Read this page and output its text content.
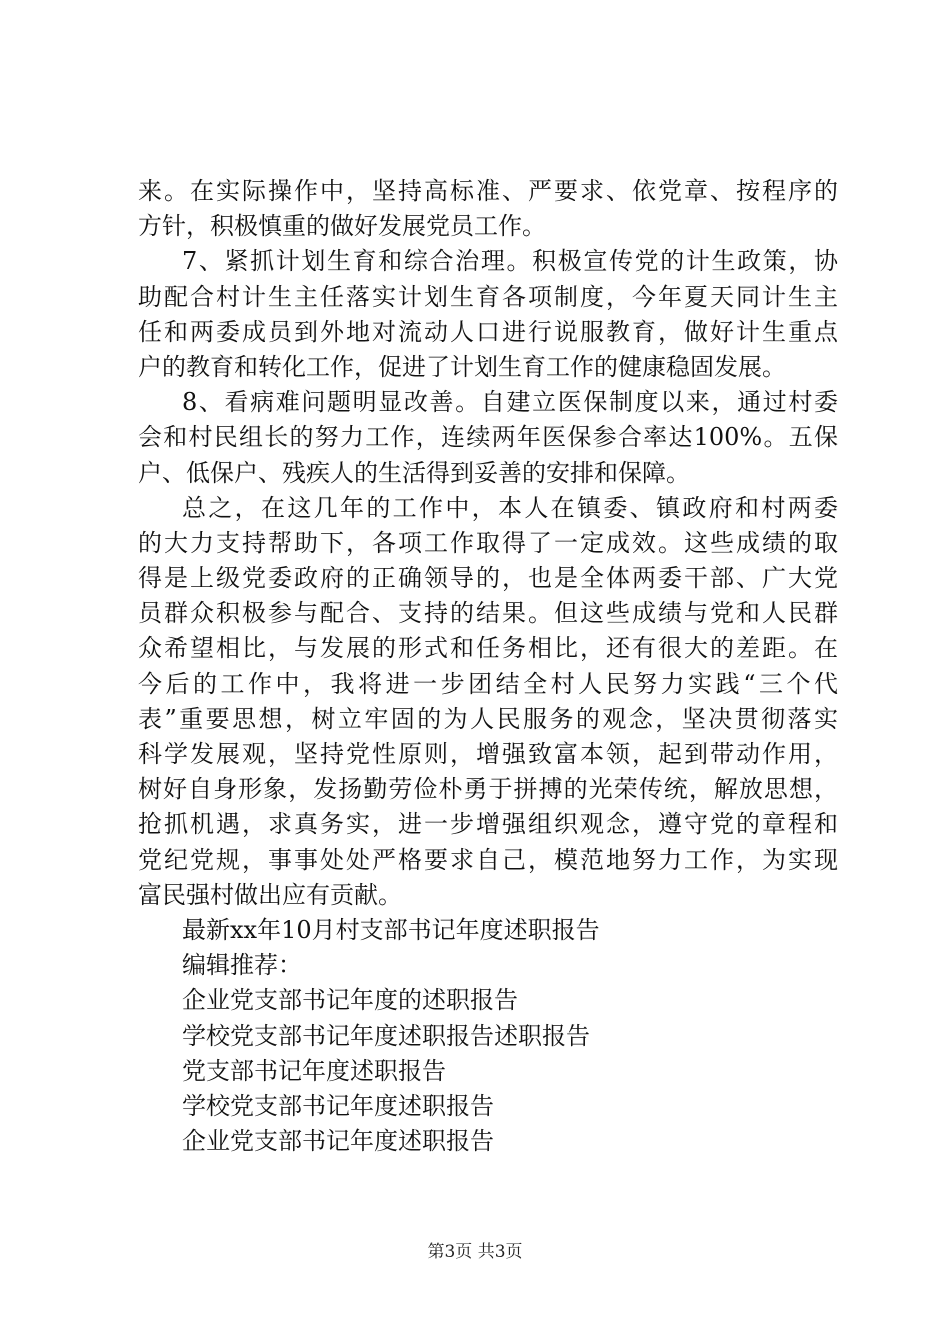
来。在实际操作中，坚持高标准、严要求、依党章、按程序的
方针，积极慎重的做好发展党员工作。
7、紧抓计划生育和综合治理。积极宣传党的计生政策，协
助配合村计生主任落实计划生育各项制度，今年夏天同计生主
任和两委成员到外地对流动人口进行说服教育，做好计生重点
户的教育和转化工作，促进了计划生育工作的健康稳固发展。
8、看病难问题明显改善。自建立医保制度以来，通过村委
会和村民组长的努力工作，连续两年医保参合率达100%。五保
户、低保户、残疾人的生活得到妥善的安排和保障。
总之，在这几年的工作中，本人在镇委、镇政府和村两委
的大力支持帮助下，各项工作取得了一定成效。这些成绩的取
得是上级党委政府的正确领导的，也是全体两委干部、广大党
员群众积极参与配合、支持的结果。但这些成绩与党和人民群
众希望相比，与发展的形式和任务相比，还有很大的差距。在
今后的工作中，我将进一步团结全村人民努力实践“三个代
表”重要思想，树立牢固的为人民服务的观念，坚决贯彻落实
科学发展观，坚持党性原则，增强致富本领，起到带动作用，
树好自身形象，发扬勤劳俭朴勇于拼搏的光荣传统，解放思想，
抢抓机遇，求真务实，进一步增强组织观念，遵守党的章程和
党纪党规，事事处处严格要求自己，模范地努力工作，为实现
富民强村做出应有贡献。
最新xx年10月村支部书记年度述职报告
编辑推荐：
企业党支部书记年度的述职报告
学校党支部书记年度述职报告述职报告
党支部书记年度述职报告
学校党支部书记年度述职报告
企业党支部书记年度述职报告
第3页 共3页
